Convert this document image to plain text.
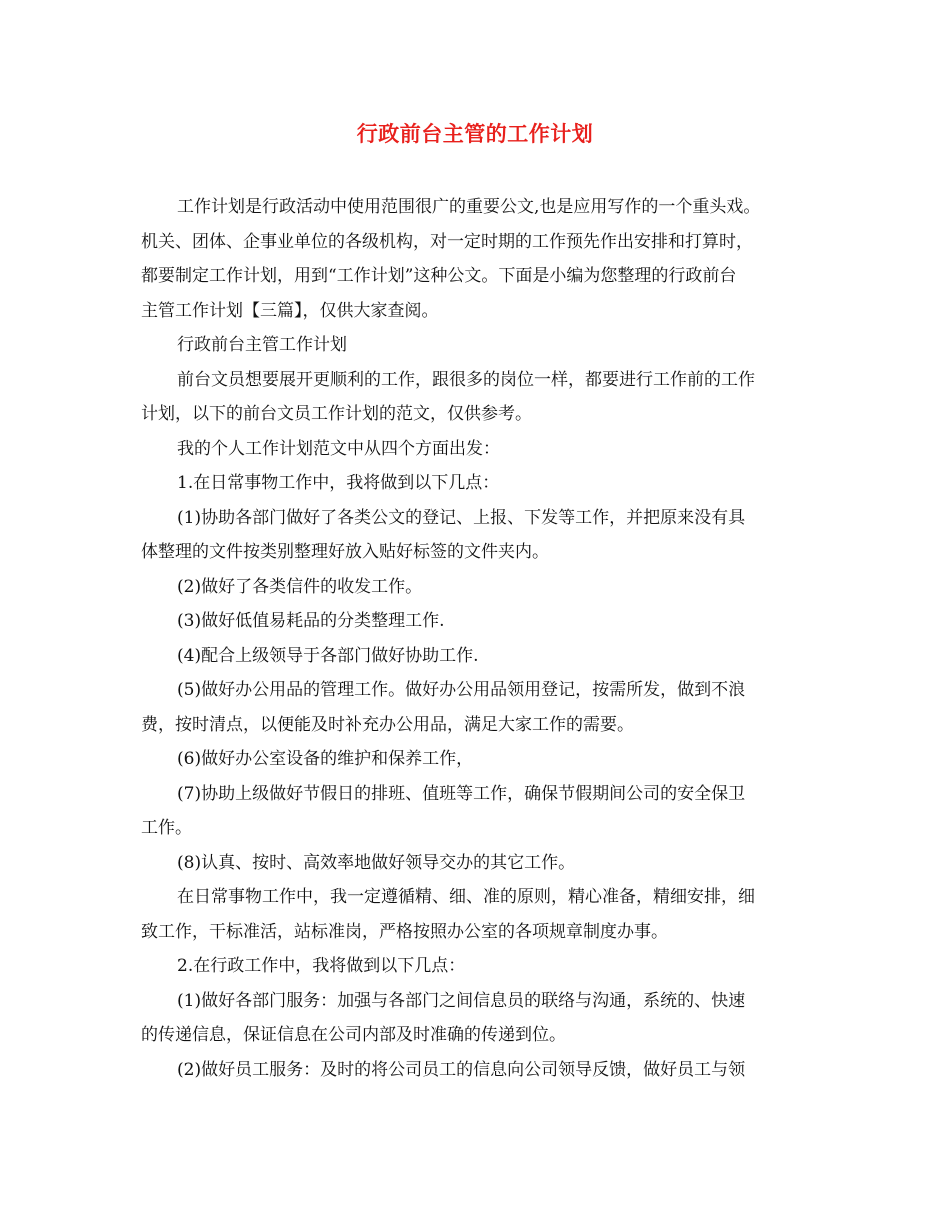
行政前台主管的工作计划
工作计划是行政活动中使用范围很广的重要公文,也是应用写作的一个重头戏。
机关、团体、企事业单位的各级机构，对一定时期的工作预先作出安排和打算时，
都要制定工作计划，用到“工作计划”这种公文。下面是小编为您整理的行政前台
主管工作计划【三篇】，仅供大家查阅。
行政前台主管工作计划
前台文员想要展开更顺利的工作，跟很多的岗位一样，都要进行工作前的工作
计划，以下的前台文员工作计划的范文，仅供参考。
我的个人工作计划范文中从四个方面出发：
1.在日常事物工作中，我将做到以下几点：
(1)协助各部门做好了各类公文的登记、上报、下发等工作，并把原来没有具
体整理的文件按类别整理好放入贴好标签的文件夹内。
(2)做好了各类信件的收发工作。
(3)做好低值易耗品的分类整理工作.
(4)配合上级领导于各部门做好协助工作.
(5)做好办公用品的管理工作。做好办公用品领用登记，按需所发，做到不浪
费，按时清点，以便能及时补充办公用品，满足大家工作的需要。
(6)做好办公室设备的维护和保养工作，
(7)协助上级做好节假日的排班、值班等工作，确保节假期间公司的安全保卫
工作。
(8)认真、按时、高效率地做好领导交办的其它工作。
在日常事物工作中，我一定遵循精、细、准的原则，精心准备，精细安排，细
致工作，干标准活，站标准岗，严格按照办公室的各项规章制度办事。
2.在行政工作中，我将做到以下几点：
(1)做好各部门服务：加强与各部门之间信息员的联络与沟通，系统的、快速
的传递信息，保证信息在公司内部及时准确的传递到位。
(2)做好员工服务：及时的将公司员工的信息向公司领导反馈，做好员工与领
